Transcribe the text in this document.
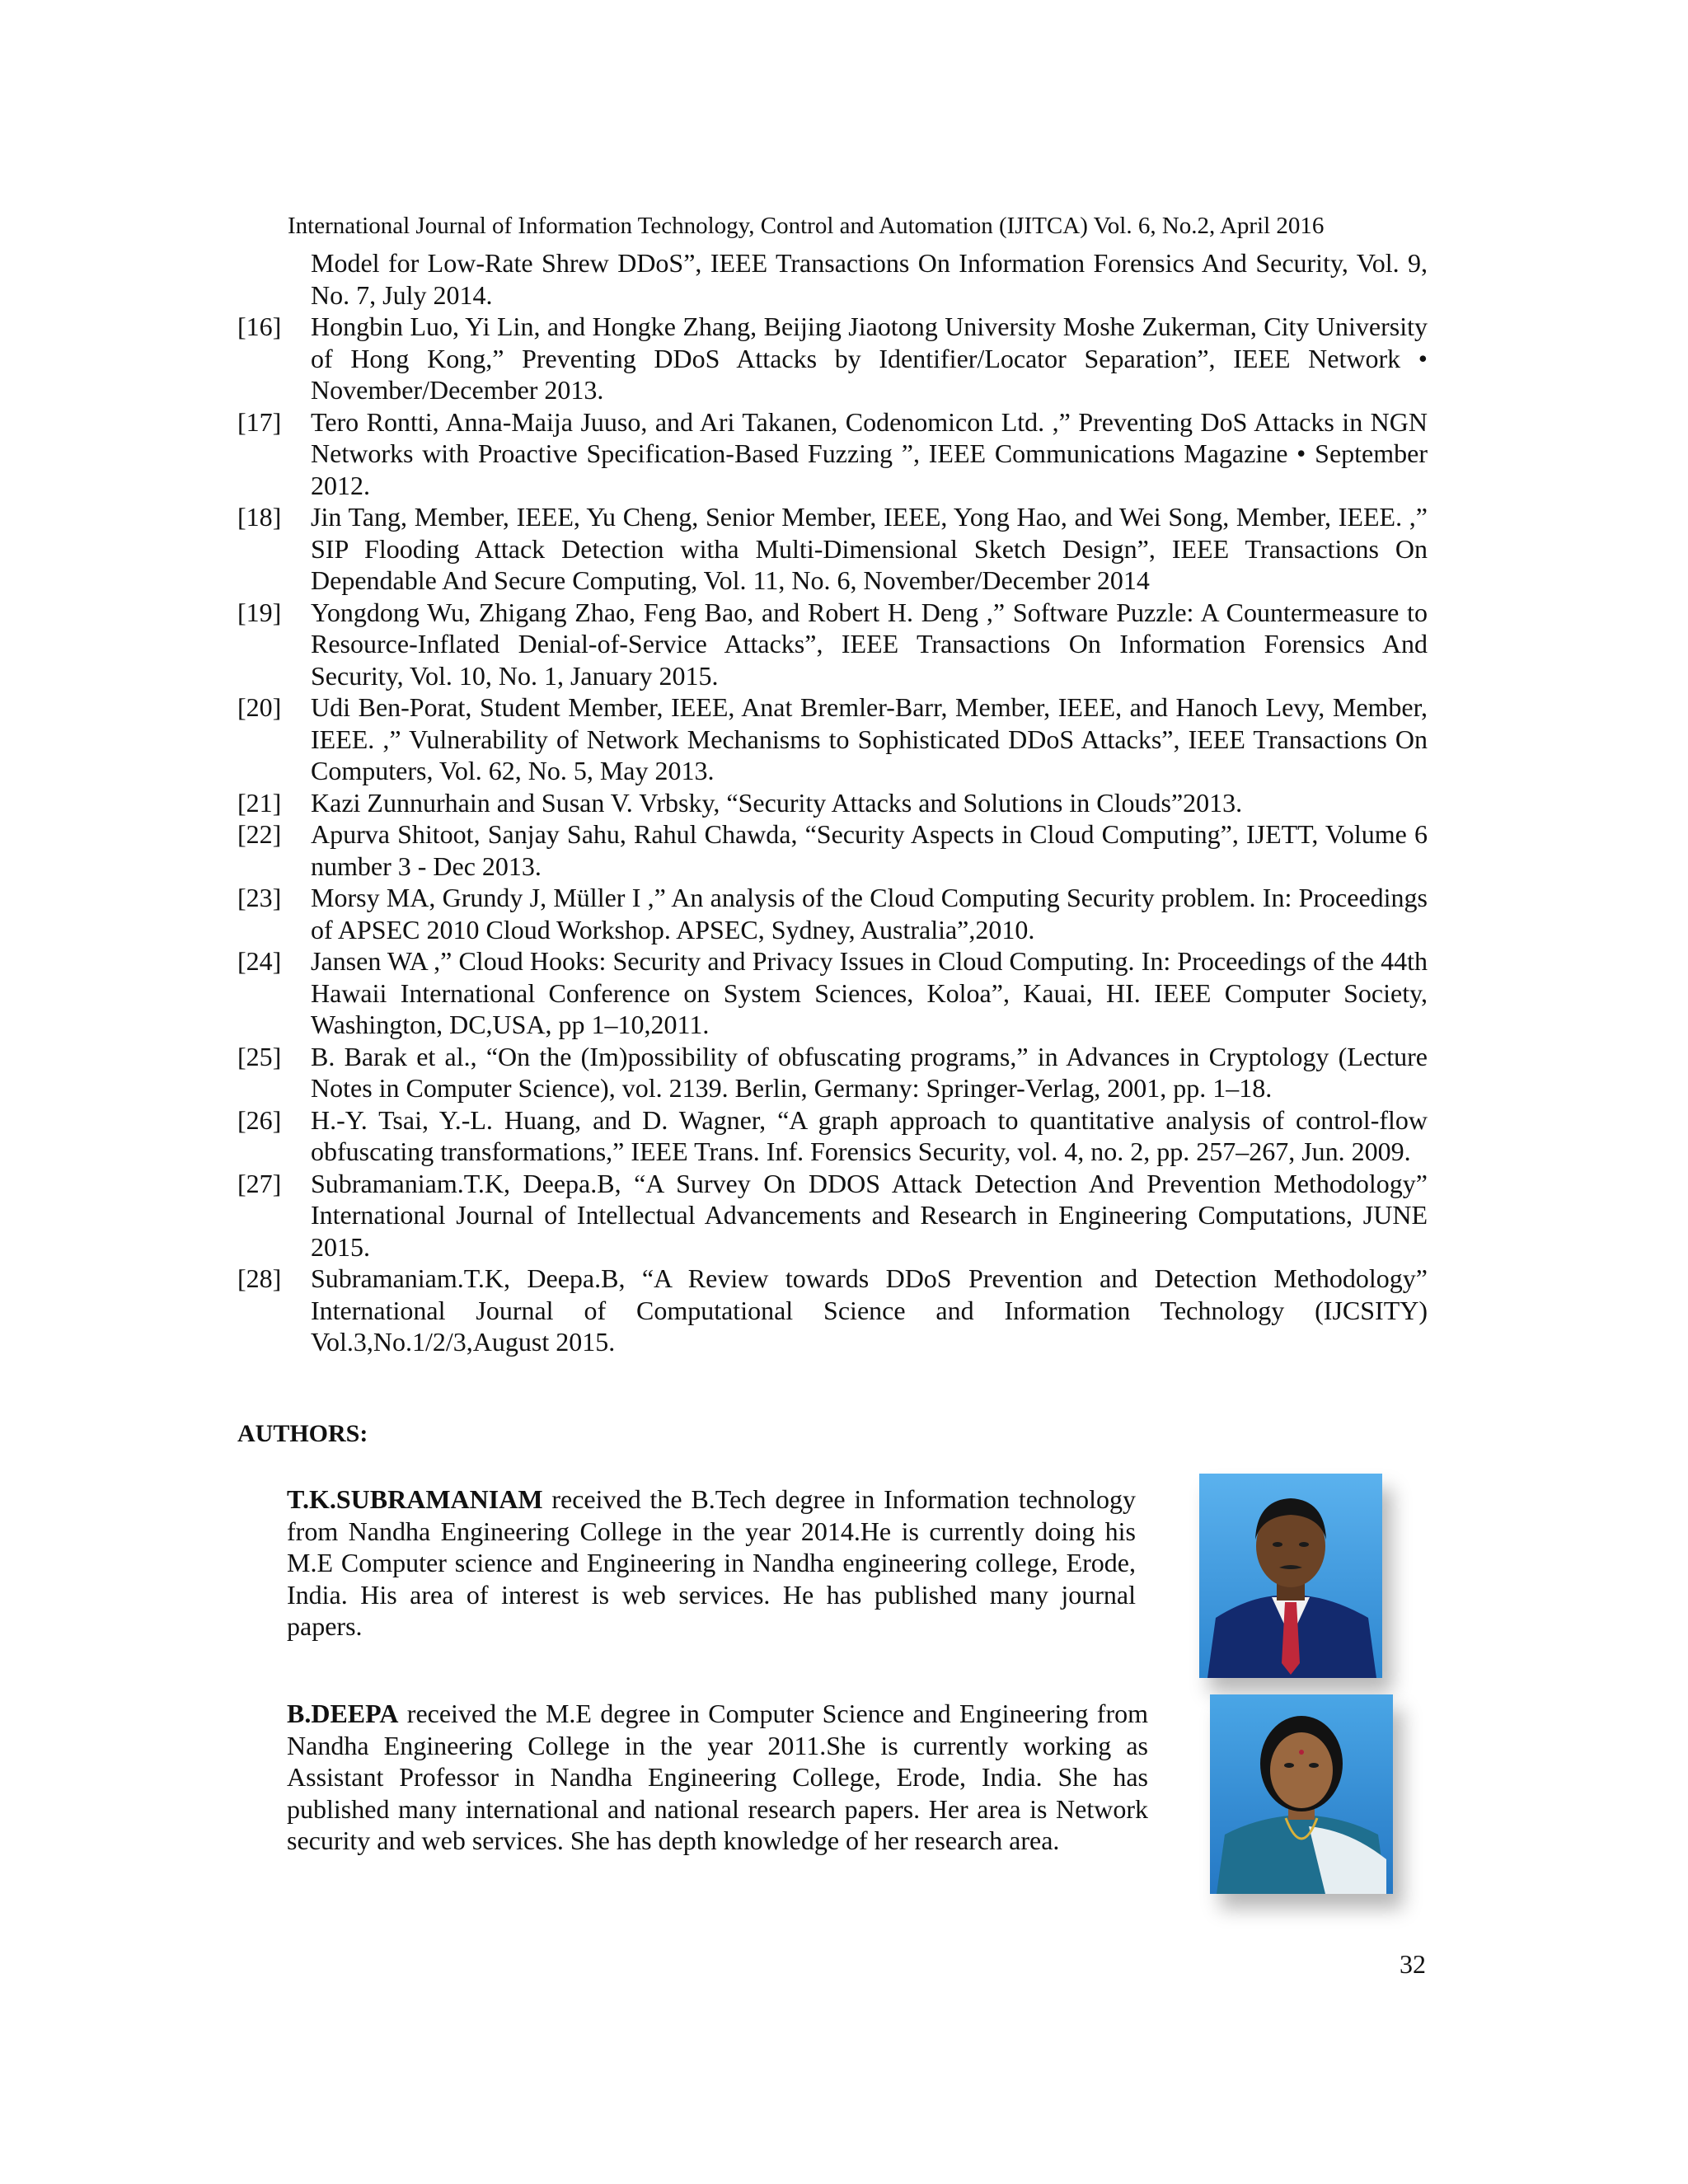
International Journal of Information Technology, Control and Automation (IJITCA) Vol. 6, No.2, April 2016
Model for Low-Rate Shrew DDoS”, IEEE Transactions On Information Forensics And Security, Vol. 9, No. 7, July 2014.
[16]	Hongbin Luo, Yi Lin, and Hongke Zhang, Beijing Jiaotong University Moshe Zukerman, City University of Hong Kong,” Preventing DDoS Attacks by Identifier/Locator Separation”, IEEE Network • November/December 2013.
[17]	Tero Rontti, Anna-Maija Juuso, and Ari Takanen, Codenomicon Ltd. ,” Preventing DoS Attacks in NGN Networks with Proactive Specification-Based Fuzzing ”, IEEE Communications Magazine • September 2012.
[18]	Jin Tang, Member, IEEE, Yu Cheng, Senior Member, IEEE, Yong Hao, and Wei Song, Member, IEEE. ,” SIP Flooding Attack Detection witha Multi-Dimensional Sketch Design”, IEEE Transactions On Dependable And Secure Computing, Vol. 11, No. 6, November/December 2014
[19]	Yongdong Wu, Zhigang Zhao, Feng Bao, and Robert H. Deng ,” Software Puzzle: A Countermeasure to Resource-Inflated Denial-of-Service Attacks”, IEEE Transactions On Information Forensics And Security, Vol. 10, No. 1, January 2015.
[20]	Udi Ben-Porat, Student Member, IEEE, Anat Bremler-Barr, Member, IEEE, and Hanoch Levy, Member, IEEE. ,” Vulnerability of Network Mechanisms to Sophisticated DDoS Attacks”, IEEE Transactions On Computers, Vol. 62, No. 5, May 2013.
[21]	Kazi Zunnurhain and Susan V. Vrbsky, “Security Attacks and Solutions in Clouds”2013.
[22]	Apurva Shitoot, Sanjay Sahu, Rahul Chawda, “Security Aspects in Cloud Computing”, IJETT, Volume 6 number 3 - Dec 2013.
[23]	Morsy MA, Grundy J, Müller I ,” An analysis of the Cloud Computing Security problem. In: Proceedings of APSEC 2010 Cloud Workshop. APSEC, Sydney, Australia”,2010.
[24]	Jansen WA ,” Cloud Hooks: Security and Privacy Issues in Cloud Computing. In: Proceedings of the 44th Hawaii International Conference on System Sciences, Koloa”, Kauai, HI. IEEE Computer Society, Washington, DC,USA, pp 1–10,2011.
[25]	B. Barak et al., “On the (Im)possibility of obfuscating programs,” in Advances in Cryptology (Lecture Notes in Computer Science), vol. 2139. Berlin, Germany: Springer-Verlag, 2001, pp. 1–18.
[26]	H.-Y. Tsai, Y.-L. Huang, and D. Wagner, “A graph approach to quantitative analysis of control-flow obfuscating transformations,” IEEE Trans. Inf. Forensics Security, vol. 4, no. 2, pp. 257–267, Jun. 2009.
[27]	Subramaniam.T.K, Deepa.B, “A Survey On DDOS Attack Detection And Prevention Methodology” International Journal of Intellectual Advancements and Research in Engineering Computations, JUNE 2015.
[28]	Subramaniam.T.K, Deepa.B, “A Review towards DDoS Prevention and Detection Methodology” International Journal of Computational Science and Information Technology (IJCSITY) Vol.3,No.1/2/3,August 2015.
AUTHORS:
T.K.SUBRAMANIAM received the B.Tech degree in Information technology from Nandha Engineering College in the year 2014.He is currently doing his M.E Computer science and Engineering in Nandha engineering college, Erode, India. His area of interest is web services. He has published many journal papers.
B.DEEPA received the M.E degree in Computer Science and Engineering from Nandha Engineering College in the year 2011.She is currently working as Assistant Professor in Nandha Engineering College, Erode, India. She has published many international and national research papers. Her area is Network security and web services. She has depth knowledge of her research area.
32
